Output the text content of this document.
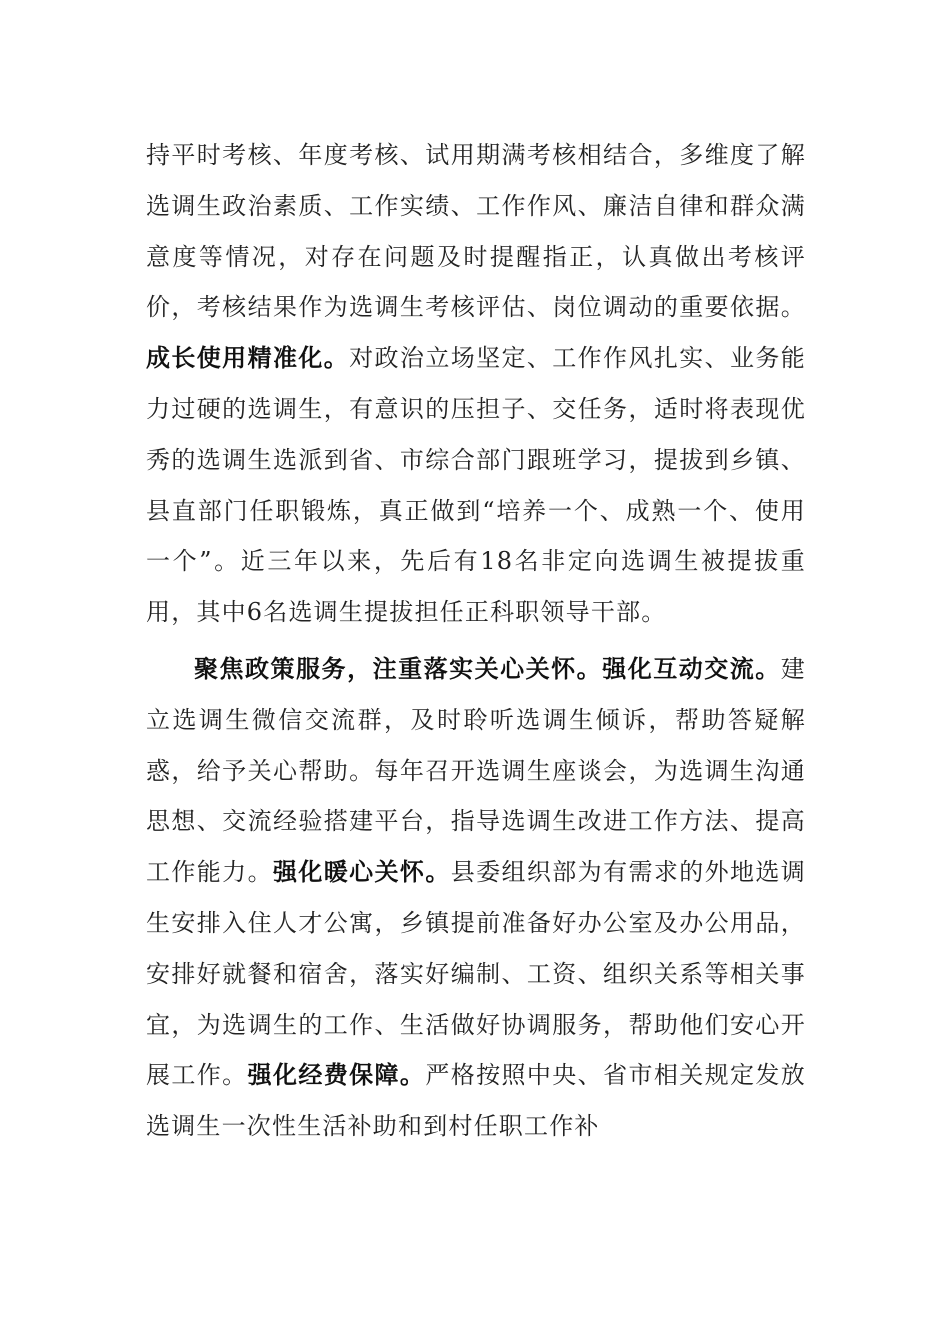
持平时考核、年度考核、试用期满考核相结合，多维度了解选调生政治素质、工作实绩、工作作风、廉洁自律和群众满意度等情况，对存在问题及时提醒指正，认真做出考核评价，考核结果作为选调生考核评估、岗位调动的重要依据。成长使用精准化。对政治立场坚定、工作作风扎实、业务能力过硬的选调生，有意识的压担子、交任务，适时将表现优秀的选调生选派到省、市综合部门跟班学习，提拔到乡镇、县直部门任职锻炼，真正做到“培养一个、成熟一个、使用一个”。近三年以来，先后有18名非定向选调生被提拔重用，其中6名选调生提拔担任正科职领导干部。

聚焦政策服务，注重落实关心关怀。强化互动交流。建立选调生微信交流群，及时聆听选调生倾诉，帮助答疑解惑，给予关心帮助。每年召开选调生座谈会，为选调生沟通思想、交流经验搭建平台，指导选调生改进工作方法、提高工作能力。强化暖心关怀。县委组织部为有需求的外地选调生安排入住人才公寓，乡镇提前准备好办公室及办公用品，安排好就餐和宿舍，落实好编制、工资、组织关系等相关事宜，为选调生的工作、生活做好协调服务，帮助他们安心开展工作。强化经费保障。严格按照中央、省市相关规定发放选调生一次性生活补助和到村任职工作补
